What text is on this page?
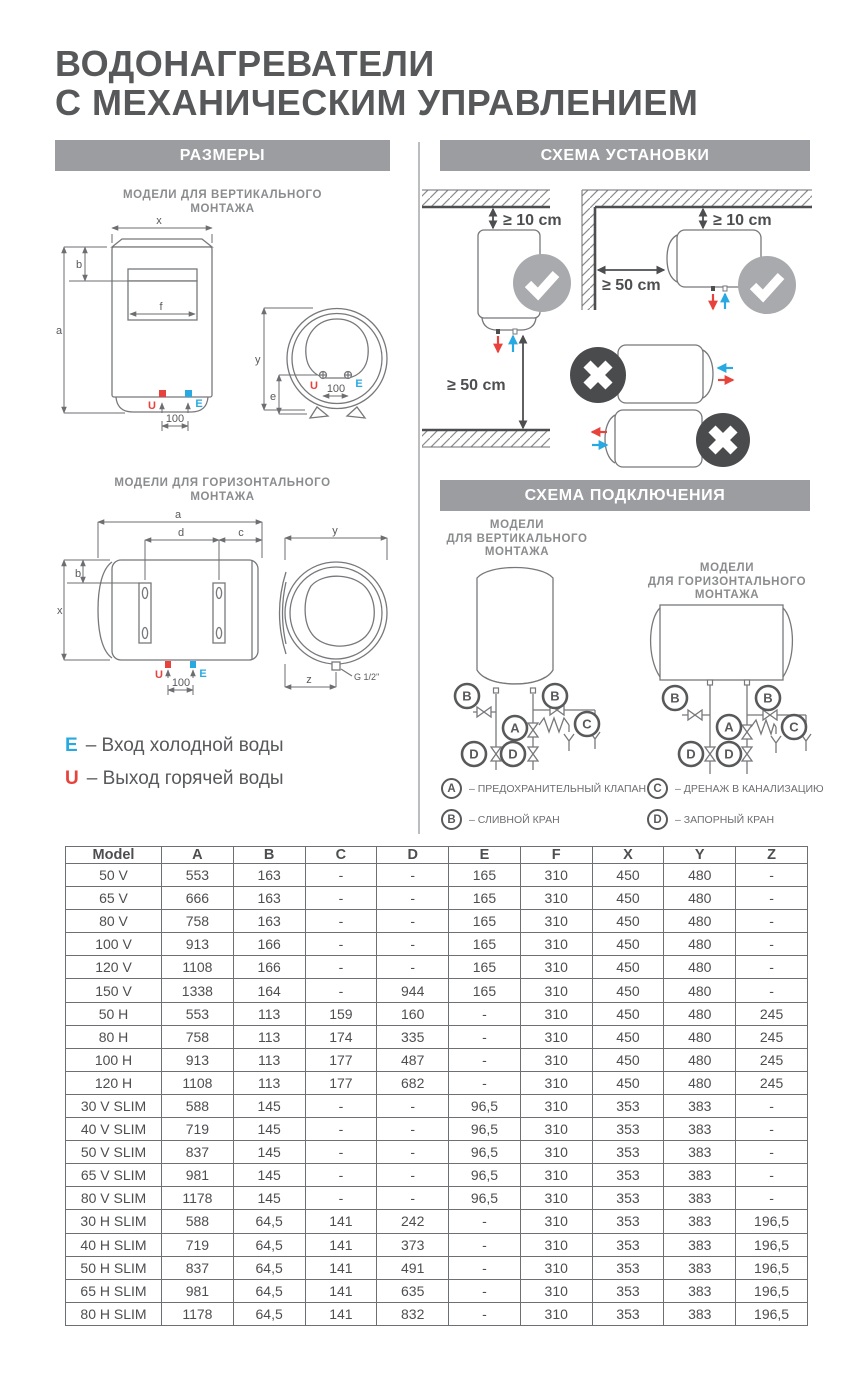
ВОДОНАГРЕВАТЕЛИ
С МЕХАНИЧЕСКИМ УПРАВЛЕНИЕМ
РАЗМЕРЫ	СХЕМА УСТАНОВКИ
СХЕМА ПОДКЛЮЧЕНИЯ
МОДЕЛИ ДЛЯ ВЕРТИКАЛЬНОГО
МОНТАЖА
МОДЕЛИ ДЛЯ ГОРИЗОНТАЛЬНОГО
МОНТАЖА
x
a
b
f
U	E
100
y
e
U	E
100
a
d	c
b
x
U	E
100
y
z	G 1/2''
E – Вход холодной воды
U – Выход горячей воды
≥ 10 cm
≥ 50 cm
≥ 10 cm
≥ 50 cm
МОДЕЛИ
ДЛЯ ВЕРТИКАЛЬНОГО
МОНТАЖА
МОДЕЛИ
ДЛЯ ГОРИЗОНТАЛЬНОГО
МОНТАЖА
B	B
A	C
D D
B	B
A	C
D D
A	– ПРЕДОХРАНИТЕЛЬНЫЙ КЛАПАН
B	– СЛИВНОЙ КРАН
C	– ДРЕНАЖ В КАНАЛИЗАЦИЮ
D	– ЗАПОРНЫЙ КРАН
Model	A	B	C	D	E	F	X	Y	Z
50 V	553	163	-	-	165	310	450	480	-
65 V	666	163	-	-	165	310	450	480	-
80 V	758	163	-	-	165	310	450	480	-
100 V	913	166	-	-	165	310	450	480	-
120 V	1108	166	-	-	165	310	450	480	-
150 V	1338	164	-	944	165	310	450	480	-
50 H	553	113	159	160	-	310	450	480	245
80 H	758	113	174	335	-	310	450	480	245
100 H	913	113	177	487	-	310	450	480	245
120 H	1108	113	177	682	-	310	450	480	245
30 V SLIM	588	145	-	-	96,5	310	353	383	-
40 V SLIM	719	145	-	-	96,5	310	353	383	-
50 V SLIM	837	145	-	-	96,5	310	353	383	-
65 V SLIM	981	145	-	-	96,5	310	353	383	-
80 V SLIM	1178	145	-	-	96,5	310	353	383	-
30 H SLIM	588	64,5	141	242	-	310	353	383	196,5
40 H SLIM	719	64,5	141	373	-	310	353	383	196,5
50 H SLIM	837	64,5	141	491	-	310	353	383	196,5
65 H SLIM	981	64,5	141	635	-	310	353	383	196,5
80 H SLIM	1178	64,5	141	832	-	310	353	383	196,5
